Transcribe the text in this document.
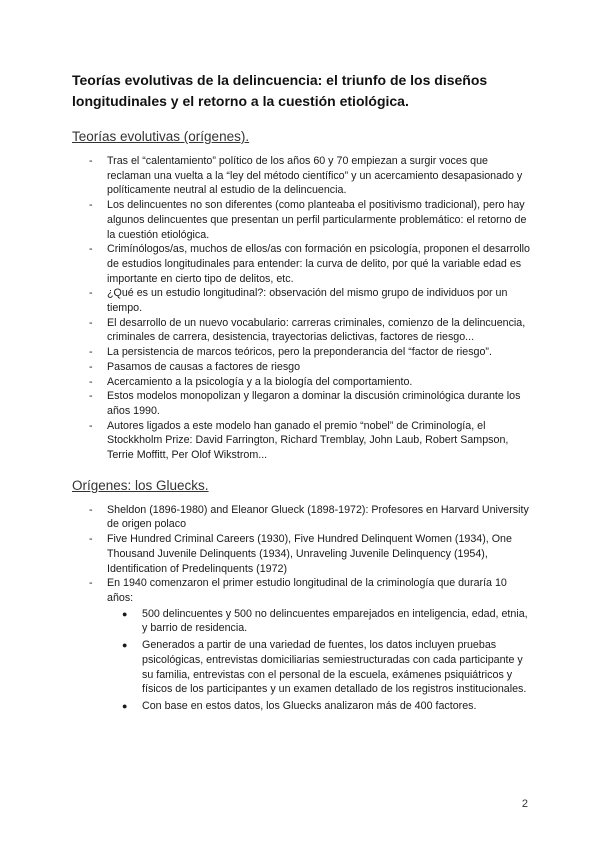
Teorías evolutivas de la delincuencia: el triunfo de los diseños longitudinales y el retorno a la cuestión etiológica.
Teorías evolutivas (orígenes).
- Tras el “calentamiento” político de los años 60 y 70 empiezan a surgir voces que reclaman una vuelta a la “ley del método científico” y un acercamiento desapasionado y políticamente neutral al estudio de la delincuencia.
- Los delincuentes no son diferentes (como planteaba el positivismo tradicional), pero hay algunos delincuentes que presentan un perfil particularmente problemático: el retorno de la cuestión etiológica.
- Crimínólogos/as, muchos de ellos/as con formación en psicología, proponen el desarrollo de estudios longitudinales para entender: la curva de delito, por qué la variable edad es importante en cierto tipo de delitos, etc.
- ¿Qué es un estudio longitudinal?: observación del mismo grupo de individuos por un tiempo.
- El desarrollo de un nuevo vocabulario: carreras criminales, comienzo de la delincuencia, criminales de carrera, desistencia, trayectorias delictivas, factores de riesgo...
- La persistencia de marcos teóricos, pero la preponderancia del “factor de riesgo”.
- Pasamos de causas a factores de riesgo
- Acercamiento a la psicología y a la biología del comportamiento.
- Estos modelos monopolizan y llegaron a dominar la discusión criminológica durante los años 1990.
- Autores ligados a este modelo han ganado el premio “nobel” de Criminología, el Stockkholm Prize: David Farrington, Richard Tremblay, John Laub, Robert Sampson, Terrie Moffitt, Per Olof Wikstrom...
Orígenes: los Gluecks.
- Sheldon (1896-1980) and Eleanor Glueck (1898-1972): Profesores en Harvard University de origen polaco
- Five Hundred Criminal Careers (1930), Five Hundred Delinquent Women (1934), One Thousand Juvenile Delinquents (1934), Unraveling Juvenile Delinquency (1954), Identification of Predelinquents (1972)
- En 1940 comenzaron el primer estudio longitudinal de la criminología que duraría 10 años:
● 500 delincuentes y 500 no delincuentes emparejados en inteligencia, edad, etnia, y barrio de residencia.
● Generados a partir de una variedad de fuentes, los datos incluyen pruebas psicológicas, entrevistas domiciliarias semiestructuradas con cada participante y su familia, entrevistas con el personal de la escuela, exámenes psiquiátricos y físicos de los participantes y un examen detallado de los registros institucionales.
● Con base en estos datos, los Gluecks analizaron más de 400 factores.
2
